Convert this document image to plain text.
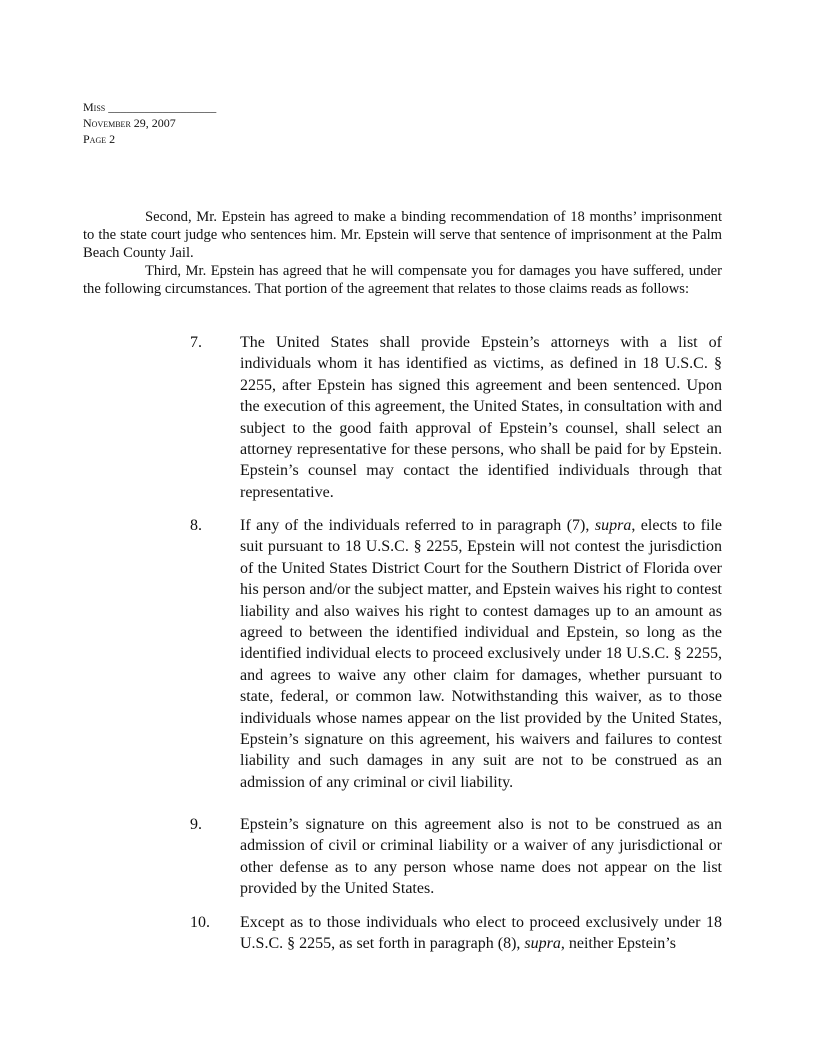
Miss __________________
November 29, 2007
Page 2

Second, Mr. Epstein has agreed to make a binding recommendation of 18 months’ imprisonment to the state court judge who sentences him. Mr. Epstein will serve that sentence of imprisonment at the Palm Beach County Jail.

Third, Mr. Epstein has agreed that he will compensate you for damages you have suffered, under the following circumstances. That portion of the agreement that relates to those claims reads as follows:

7. The United States shall provide Epstein’s attorneys with a list of individuals whom it has identified as victims, as defined in 18 U.S.C. § 2255, after Epstein has signed this agreement and been sentenced. Upon the execution of this agreement, the United States, in consultation with and subject to the good faith approval of Epstein’s counsel, shall select an attorney representative for these persons, who shall be paid for by Epstein. Epstein’s counsel may contact the identified individuals through that representative.
8. If any of the individuals referred to in paragraph (7), supra, elects to file suit pursuant to 18 U.S.C. § 2255, Epstein will not contest the jurisdiction of the United States District Court for the Southern District of Florida over his person and/or the subject matter, and Epstein waives his right to contest liability and also waives his right to contest damages up to an amount as agreed to between the identified individual and Epstein, so long as the identified individual elects to proceed exclusively under 18 U.S.C. § 2255, and agrees to waive any other claim for damages, whether pursuant to state, federal, or common law. Notwithstanding this waiver, as to those individuals whose names appear on the list provided by the United States, Epstein’s signature on this agreement, his waivers and failures to contest liability and such damages in any suit are not to be construed as an admission of any criminal or civil liability.
9. Epstein’s signature on this agreement also is not to be construed as an admission of civil or criminal liability or a waiver of any jurisdictional or other defense as to any person whose name does not appear on the list provided by the United States.
10. Except as to those individuals who elect to proceed exclusively under 18 U.S.C. § 2255, as set forth in paragraph (8), supra, neither Epstein’s
